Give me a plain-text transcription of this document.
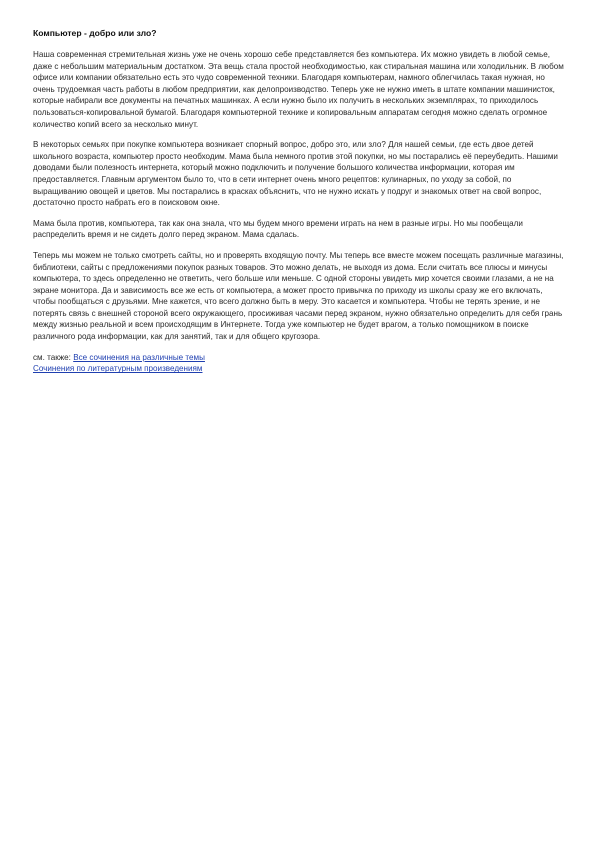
Компьютер - добро или зло?

Наша современная стремительная жизнь уже не очень хорошо себе представляется без компьютера. Их можно увидеть в любой семье, даже с небольшим материальным достатком. Эта вещь стала простой необходимостью, как стиральная машина или холодильник. В любом офисе или компании обязательно есть это чудо современной техники. Благодаря компьютерам, намного облегчилась такая нужная, но очень трудоемкая часть работы в любом предприятии, как делопроизводство. Теперь уже не нужно иметь в штате компании машинисток, которые набирали все документы на печатных машинках. А если нужно было их получить в нескольких экземплярах, то приходилось пользоваться-копировальной бумагой. Благодаря компьютерной технике и копировальным аппаратам сегодня можно сделать огромное количество копий всего за несколько минут.

В некоторых семьях при покупке компьютера возникает спорный вопрос, добро это, или зло? Для нашей семьи, где есть двое детей школьного возраста, компьютер просто необходим. Мама была немного против этой покупки, но мы постарались её переубедить. Нашими доводами были полезность интернета, который можно подключить и получение большого количества информации, которая им предоставляется. Главным аргументом было то, что в сети интернет очень много рецептов: кулинарных, по уходу за собой, по выращиванию овощей и цветов. Мы постарались в красках объяснить, что не нужно искать у подруг и знакомых ответ на свой вопрос, достаточно просто набрать его в поисковом окне.

Мама была против, компьютера, так как она знала, что мы будем много времени играть на нем в разные игры. Но мы пообещали распределить время и не сидеть долго перед экраном. Мама сдалась.

Теперь мы можем не только смотреть сайты, но и проверять входящую почту. Мы теперь все вместе можем посещать различные магазины, библиотеки, сайты с предложениями покупок разных товаров. Это можно делать, не выходя из дома. Если считать все плюсы и минусы компьютера, то здесь определенно не ответить, чего больше или меньше. С одной стороны увидеть мир хочется своими глазами, а не на экране монитора. Да и зависимость все же есть от компьютера, а может просто привычка по приходу из школы сразу же его включать, чтобы пообщаться с друзьями. Мне кажется, что всего должно быть в меру. Это касается и компьютера. Чтобы не терять зрение, и не потерять связь с внешней стороной всего окружающего, просиживая часами перед экраном, нужно обязательно определить для себя грань между жизнью реальной и всем происходящим в Интернете. Тогда уже компьютер не будет врагом, а только помощником в поиске различного рода информации, как для занятий, так и для общего кругозора.

см. также: Все сочинения на различные темы
Сочинения по литературным произведениям
